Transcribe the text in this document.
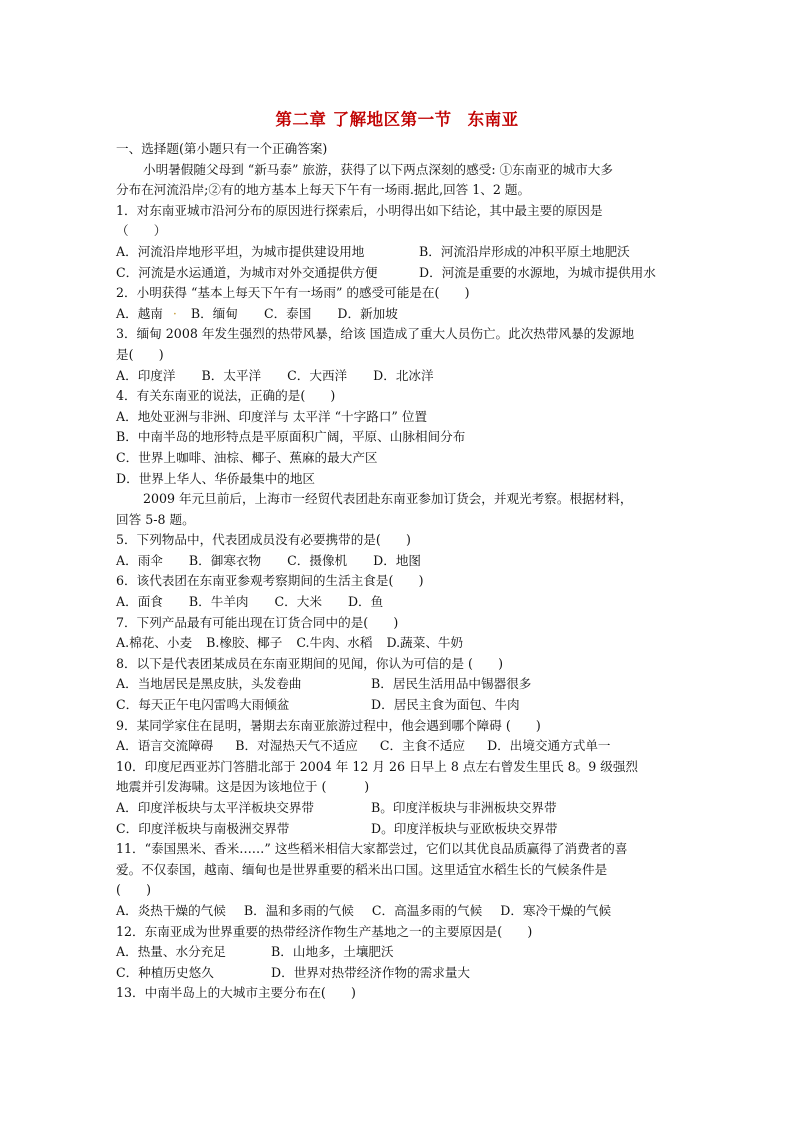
第二章 了解地区第一节 东南亚
一、选择题(第小题只有一个正确答案)
小明暑假随父母到 “新马泰” 旅游，获得了以下两点深刻的感受: ①东南亚的城市大多
分布在河流沿岸;②有的地方基本上每天下午有一场雨.据此,回答 1、2 题。
1．对东南亚城市沿河分布的原因进行探索后，小明得出如下结论，其中最主要的原因是
（　　）
A．河流沿岸地形平坦，为城市提供建设用地	B．河流沿岸形成的冲积平原土地肥沃
C．河流是水运通道，为城市对外交通提供方便	D．河流是重要的水源地，为城市提供用水
2．小明获得 “基本上每天下午有一场雨” 的感受可能是在(　　)
A．越南 · B．缅甸 C．泰国 D．新加坡
3．缅甸 2008 年发生强烈的热带风暴，给该 国造成了重大人员伤亡。此次热带风暴的发源地
是(　　)
A．印度洋 B．太平洋 C．大西洋 D．北冰洋
4．有关东南亚的说法，正确的是(　　)
A．地处亚洲与非洲、印度洋与 太平洋 “十字路口” 位置
B．中南半岛的地形特点是平原面积广阔，平原、山脉相间分布
C．世界上咖啡、油棕、椰子、蕉麻的最大产区
D．世界上华人、华侨最集中的地区
2009 年元旦前后，上海市一经贸代表团赴东南亚参加订货会，并观光考察。根据材料，
回答 5-8 题。
5．下列物品中，代表团成员没有必要携带的是(　　)
A．雨伞 B．御寒衣物 C．摄像机 D．地图
6．该代表团在东南亚参观考察期间的生活主食是(　　)
A．面食 B．牛羊肉 C．大米 D．鱼
7．下列产品最有可能出现在订货合同中的是(　　)
A.棉花、小麦 B.橡胶、椰子 C.牛肉、水稻 D.蔬菜、牛奶
8．以下是代表团某成员在东南亚期间的见闻，你认为可信的是 (　　)
A．当地居民是黑皮肤，头发卷曲	B．居民生活用品中锡器很多
C．每天正午电闪雷鸣大雨倾盆	D．居民主食为面包、牛肉
9．某同学家住在昆明，暑期去东南亚旅游过程中，他会遇到哪个障碍 (　　)
A．语言交流障碍 B．对湿热天气不适应 C．主食不适应 D．出境交通方式单一
10．印度尼西亚苏门答腊北部于 2004 年 12 月 26 日早上 8 点左右曾发生里氏 8。9 级强烈
地震并引发海啸。这是因为该地位于 (　　　)
A．印度洋板块与太平洋板块交界带	B。印度洋板块与非洲板块交界带
C．印度洋板块与南极洲交界带	D。印度洋板块与亚欧板块交界带
11．“泰国黑米、香米……” 这些稻米相信大家都尝过，它们以其优良品质赢得了消费者的喜
爱。不仅泰国，越南、缅甸也是世界重要的稻米出口国。这里适宜水稻生长的气候条件是
(　　)
A．炎热干燥的气候 B．温和多雨的气候 C．高温多雨的气候 D．寒冷干燥的气候
12．东南亚成为世界重要的热带经济作物生产基地之一的主要原因是(　　)
A．热量、水分充足	B．山地多，土壤肥沃
C．种植历史悠久	D．世界对热带经济作物的需求量大
13．中南半岛上的大城市主要分布在(　　)
